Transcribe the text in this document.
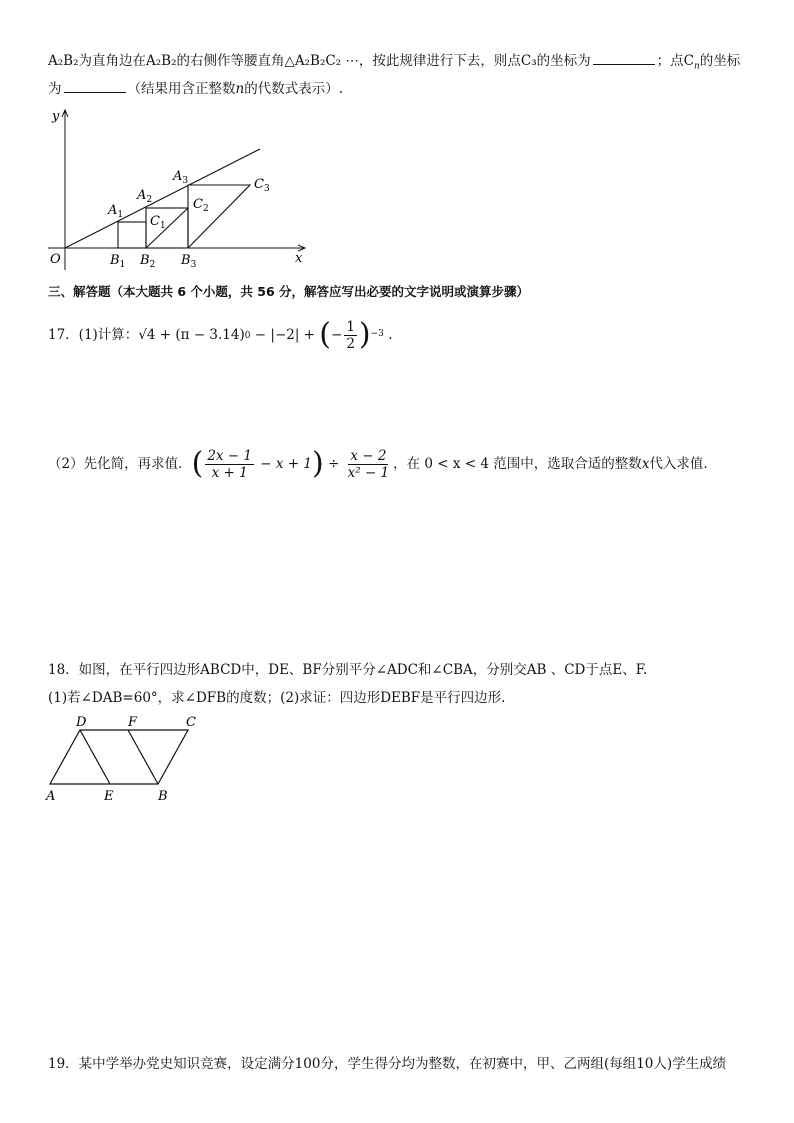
A₂B₂为直角边在A₂B₂的右侧作等腰直角△A₂B₂C₂ ⋯，按此规律进行下去，则点C₃的坐标为	；点$C_n$的坐标
为	（结果用含正整数n的代数式表示）.
y
x
O
$A_1$
$A_2$
$A_3$
$B_1$ $B_2$ $B_3$
$C_1$
$C_2$
$C_3$
三、解答题（本大题共 6 个小题，共 56 分，解答应写出必要的文字说明或演算步骤）
17．(1)计算： √4 + (π − 3.14) 0 − |−2| + ( − $\frac{1}{2}$ ) −3 .
（2）先化简，再求值． ( $\frac{2x - 1}{x + 1} - x + 1$ ) ÷ $\frac{x - 2}{\text{x² − 1}}$ ，在 0 < x < 4 范围中，选取合适的整数 x 代入求值.
18．如图，在平行四边形ABCD中，DE、BF分别平分∠ADC和∠CBA，分别交AB 、CD于点E、F.
(1)若∠DAB=60°，求∠DFB的度数；(2)求证：四边形DEBF是平行四边形.
D	F	C
A	E	B
19．某中学举办党史知识竞赛，设定满分100分，学生得分均为整数，在初赛中，甲、乙两组(每组10人)学生成绩
